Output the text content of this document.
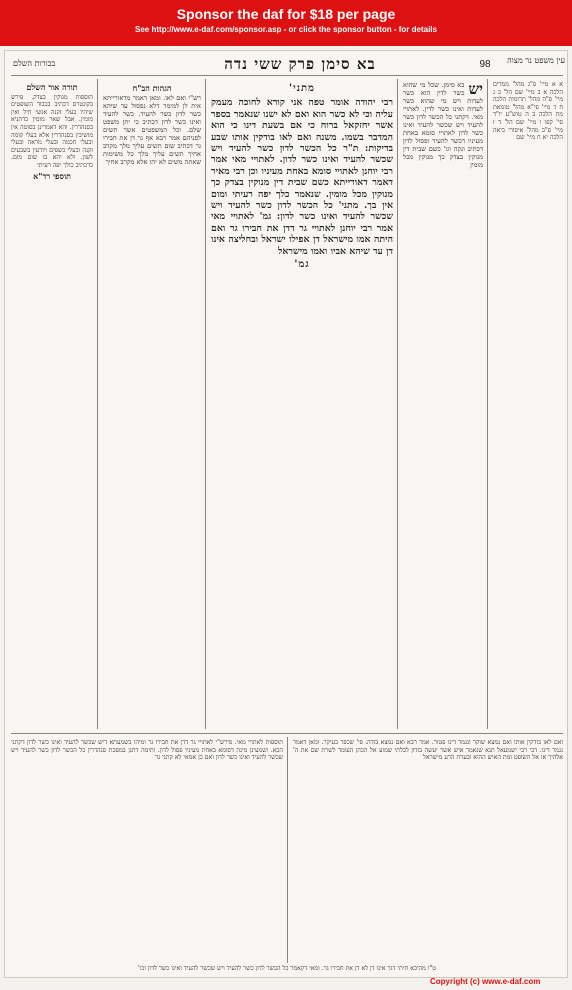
Sponsor the daf for $18 per page
See http://www.e-daf.com/sponsor.asp - or click the sponsor button - for details
בכורות השלם	בא סימן פרק ששי נדה	98	עין משפט נר מצוה

א א מיי' פ"ג מהל' ממרים הלכה א ב מיי' שם הל' ב ג מיי' פ"ה מהל' תרומות הלכה ח ד מיי' פי"א מהל' טומאת מת הלכה ב ה טוש"ע יו"ד סי' קפו ו מיי' שם הל' ד ז מיי' פ"ב מהל' איסורי ביאה הלכה יא ח מיי' שם

יש

בא סימן. שכל מי שהוא כשר לדין הוא כשר לעדות ויש מי שהוא כשר לעדות ואינו כשר לדין. לאתויי מאי. דקתני כל הכשר לדון כשר להעיד ויש שכשר להעיד ואינו כשר לדון לאתויי סומא באחת מעיניו דכשר להעיד ופסול לדון דכתיב ונקה וגו' כשם שבית דין מנוקין בצדק כך מנוקין מכל מומין

מתני'

רבי יהודה אומר טפה אני קורא לחוכה מעמק עליה וכי לא כשר הוא ואם לא ישנו שנאמר בספר אשר יחזקאל ברוח כי אם בשעת דינו כי הוא המדבר בשמו. משנה ואם לאו בודקין אותו שבע בדיקות: ת"ר כל הכשר לדון כשר להעיד ויש שכשר להעיד ואינו כשר לדון. לאתויי מאי אמר רבי יוחנן לאתויי סומא באחת מעיניו וכן רבי מאיר דאמר דאורייתא כשם שבית דין מנוקין בצדק כך מנוקין מכל מומין. שנאמר כלך יפה רעיתי ומום אין בך. מתני' כל הכשר לדון כשר להעיד ויש שכשר להעיד ואינו כשר לדון: גמ' לאתויי מאי אמר רבי יוחנן לאתויי גר דדן את חבירו גר ואם היתה אמו מישראל דן אפילו ישראל ובחליצה אינו דן עד שיהא אביו ואמו מישראל

גמ'
הגהות הב"ח

רש"י ואם לאו. ומאן דאמר מדאורייתא אית לן למימר דלא נפסול עד שיהא כשר לדון כשר להעיד. כשר להעיד ואינו כשר לדון דכתיב כי יתן משפט שלם. וכל המשפטים אשר תשים לפניהם אמר רבא אף גר דן את חבירו גר דכתיב שום תשים עליך מלך מקרב אחיך תשים עליך מלך כל משימות שאתה משים לא יהו אלא מקרב אחיך

תורה אור השלם

תוספות מנוקין בצדק. פירש בקונטרס דכתיב בכבוד השופטים שיהיו בעלי זקנה אנשי חיל ואין מומין. אבל שאר מומין כדתניא בסנהדרין. והא דאמרינן בסוטה אין מושיבין בסנהדרין אלא בעלי קומה ובעלי חכמה ובעלי מראה ובעלי זקנה ובעלי כשפים ויודעין בשבעים לשון. ולא יהא בו שום מום. כדכתיב כולך יפה רעיתי

תוספי רד"א

ואם לאו בודקין אותו ואם נמצא שוקר ונגמר דינו פטור. אמר רבא ואם נמצא בודה. פי' שכפר בעיקר. ומאן דאמר נגמר דינו. דבי רבי ישמעאל תנא שנאמר איש אשר יעשה בזדון לבלתי שמוע אל הכהן העומד לשרת שם את ה' אלהיך או אל השופט ומת האיש ההוא ובערת הרע מישראל

תוספות לאתויי מאי. פירש"י לאתויי גר דדן את חבירו גר ומיהו בשמעתא דיש שכשר להעיד ואינו כשר לדון דקתני הכא. ושמעינן מינה דסומא באחת מעיניו פסול לדון. ותימה דתנן במסכת סנהדרין כל הכשר לדון כשר להעיד ויש שכשר להעיד ואינו כשר לדון ואם כן אמאי לא קתני גר

ט"ו מהיכא תיתי דגר אינו דן לא דן את חבירו גר. ומאי דקאמר כל הכשר לדון כשר להעיד ויש שכשר להעיד ואינו כשר לדון וכו'

Copyright (c) www.e-daf.com
